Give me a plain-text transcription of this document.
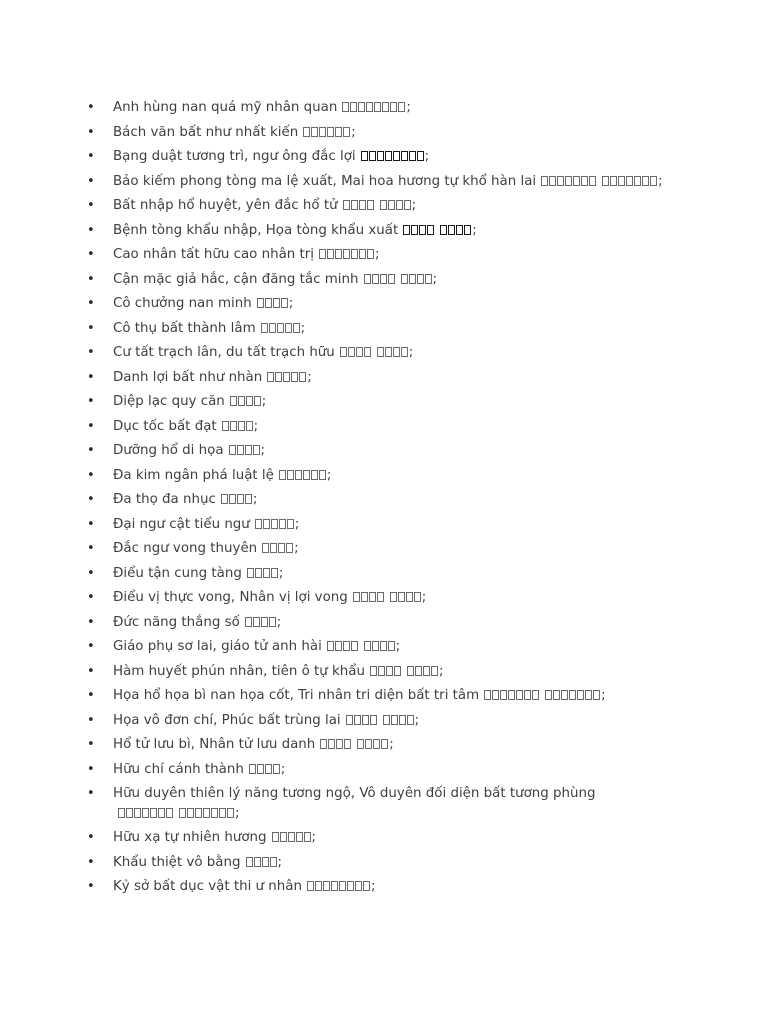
• Anh hùng nan quá mỹ nhân quan	;
• Bách văn bất như nhất kiến	;
• Bạng duật tương trì, ngư ông đắc lợi	;
• Bảo kiếm phong tòng ma lệ xuất, Mai hoa hương tự khổ hàn lai	;
• Bất nhập hổ huyệt, yên đắc hổ tử	;
• Bệnh tòng khẩu nhập, Họa tòng khẩu xuất	;
• Cao nhân tất hữu cao nhân trị	;
• Cận mặc giả hắc, cận đăng tắc minh	;
• Cô chưởng nan minh	;
• Cô thụ bất thành lâm	;
• Cư tất trạch lân, du tất trạch hữu	;
• Danh lợi bất như nhàn	;
• Diệp lạc quy căn	;
• Dục tốc bất đạt	;
• Dưỡng hổ di họa	;
• Đa kim ngân phá luật lệ	;
• Đa thọ đa nhục	;
• Đại ngư cật tiểu ngư	;
• Đắc ngư vong thuyên	;
• Điểu tận cung tàng	;
• Điểu vị thực vong, Nhân vị lợi vong	;
• Đức năng thắng số	;
• Giáo phụ sơ lai, giáo tử anh hài	;
• Hàm huyết phún nhân, tiên ô tự khẩu	;
• Họa hổ họa bì nan họa cốt, Tri nhân tri diện bất tri tâm	;
• Họa vô đơn chí, Phúc bất trùng lai	;
• Hổ tử lưu bì, Nhân tử lưu danh	;
• Hữu chí cánh thành	;
• Hữu duyên thiên lý năng tương ngộ, Vô duyên đối diện bất tương phùng;
• Hữu xạ tự nhiên hương	;
• Khẩu thiệt vô bằng	;
• Kỷ sở bất dục vật thi ư nhân	;
